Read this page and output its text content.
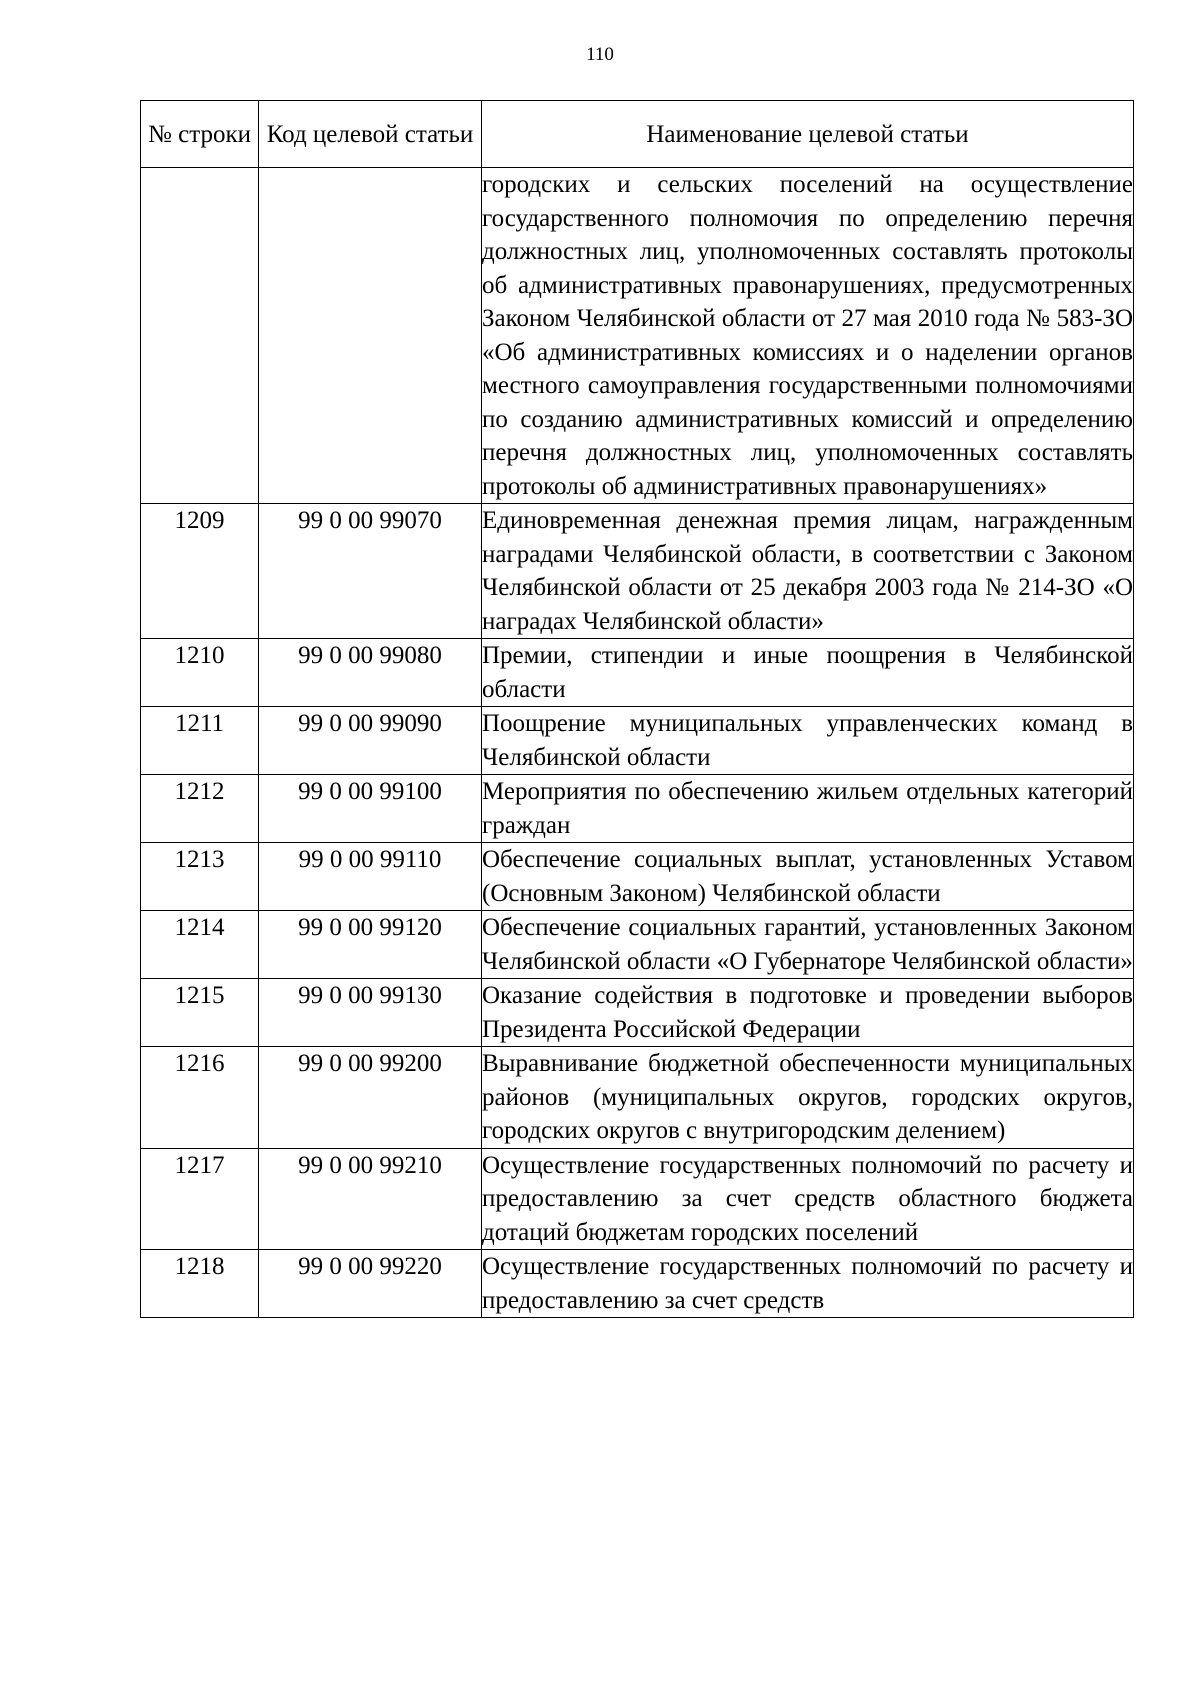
110
№ строки	Код целевой статьи	Наименование целевой статьи
		городских и сельских поселений на осуществление государственного полномочия по определению перечня должностных лиц, уполномоченных составлять протоколы об административных правонарушениях, предусмотренных Законом Челябинской области от 27 мая 2010 года № 583-ЗО «Об административных комиссиях и о наделении органов местного самоуправления государственными полномочиями по созданию административных комиссий и определению перечня должностных лиц, уполномоченных составлять протоколы об административных правонарушениях»
1209	99 0 00 99070	Единовременная денежная премия лицам, награжденным наградами Челябинской области, в соответствии с Законом Челябинской области от 25 декабря 2003 года № 214-ЗО «О наградах Челябинской области»
1210	99 0 00 99080	Премии, стипендии и иные поощрения в Челябинской области
1211	99 0 00 99090	Поощрение муниципальных управленческих команд в Челябинской области
1212	99 0 00 99100	Мероприятия по обеспечению жильем отдельных категорий граждан
1213	99 0 00 99110	Обеспечение социальных выплат, установленных Уставом (Основным Законом) Челябинской области
1214	99 0 00 99120	Обеспечение социальных гарантий, установленных Законом Челябинской области «О Губернаторе Челябинской области»
1215	99 0 00 99130	Оказание содействия в подготовке и проведении выборов Президента Российской Федерации
1216	99 0 00 99200	Выравнивание бюджетной обеспеченности муниципальных районов (муниципальных округов, городских округов, городских округов с внутригородским делением)
1217	99 0 00 99210	Осуществление государственных полномочий по расчету и предоставлению за счет средств областного бюджета дотаций бюджетам городских поселений
1218	99 0 00 99220	Осуществление государственных полномочий по расчету и предоставлению за счет средств
